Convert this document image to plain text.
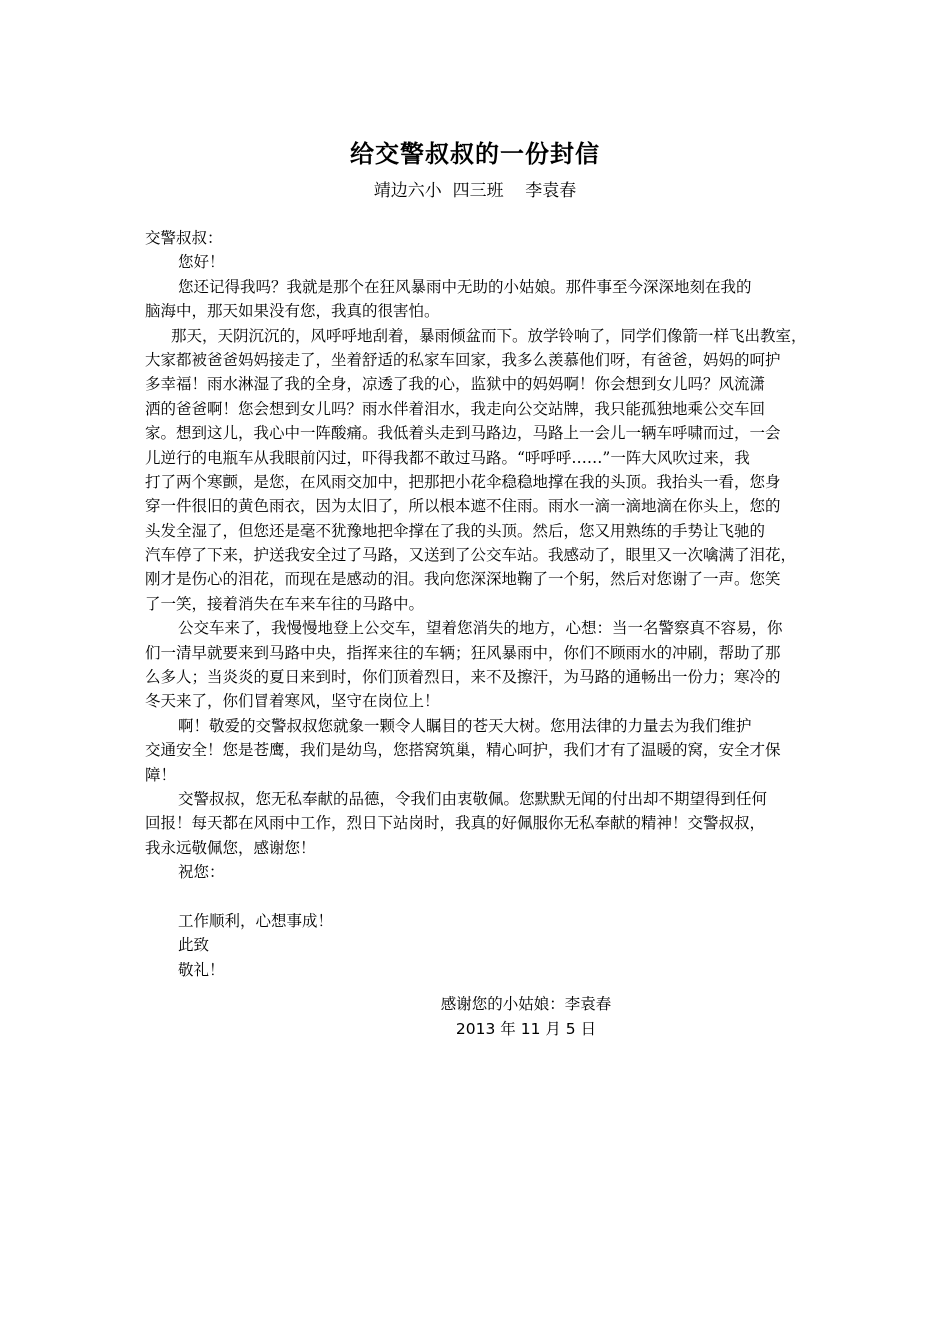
给交警叔叔的一份封信
靖边六小  四三班    李袁春
交警叔叔：
您好！
您还记得我吗？我就是那个在狂风暴雨中无助的小姑娘。那件事至今深深地刻在我的
脑海中，那天如果没有您，我真的很害怕。
那天，天阴沉沉的，风呼呼地刮着，暴雨倾盆而下。放学铃响了，同学们像箭一样飞出教室，
大家都被爸爸妈妈接走了，坐着舒适的私家车回家，我多么羡慕他们呀，有爸爸，妈妈的呵护
多幸福！雨水淋湿了我的全身，凉透了我的心，监狱中的妈妈啊！你会想到女儿吗？风流潇
洒的爸爸啊！您会想到女儿吗？雨水伴着泪水，我走向公交站牌，我只能孤独地乘公交车回
家。想到这儿，我心中一阵酸痛。我低着头走到马路边，马路上一会儿一辆车呼啸而过，一会
儿逆行的电瓶车从我眼前闪过，吓得我都不敢过马路。“呼呼呼……”一阵大风吹过来，我
打了两个寒颤，是您，在风雨交加中，把那把小花伞稳稳地撑在我的头顶。我抬头一看，您身
穿一件很旧的黄色雨衣，因为太旧了，所以根本遮不住雨。雨水一滴一滴地滴在你头上，您的
头发全湿了，但您还是毫不犹豫地把伞撑在了我的头顶。然后，您又用熟练的手势让飞驰的
汽车停了下来，护送我安全过了马路，又送到了公交车站。我感动了，眼里又一次噙满了泪花，
刚才是伤心的泪花，而现在是感动的泪。我向您深深地鞠了一个躬，然后对您谢了一声。您笑
了一笑，接着消失在车来车往的马路中。
公交车来了，我慢慢地登上公交车，望着您消失的地方，心想：当一名警察真不容易，你
们一清早就要来到马路中央，指挥来往的车辆；狂风暴雨中，你们不顾雨水的冲刷，帮助了那
么多人；当炎炎的夏日来到时，你们顶着烈日，来不及擦汗，为马路的通畅出一份力；寒冷的
冬天来了，你们冒着寒风，坚守在岗位上！
啊！敬爱的交警叔叔您就象一颗令人瞩目的苍天大树。您用法律的力量去为我们维护
交通安全！您是苍鹰，我们是幼鸟，您搭窝筑巢，精心呵护，我们才有了温暖的窝，安全才保
障！
交警叔叔，您无私奉献的品德，令我们由衷敬佩。您默默无闻的付出却不期望得到任何
回报！每天都在风雨中工作，烈日下站岗时，我真的好佩服你无私奉献的精神！交警叔叔，
我永远敬佩您，感谢您！
祝您：
工作顺利，心想事成！
此致
敬礼！
感谢您的小姑娘：李袁春
2013 年 11 月 5 日
